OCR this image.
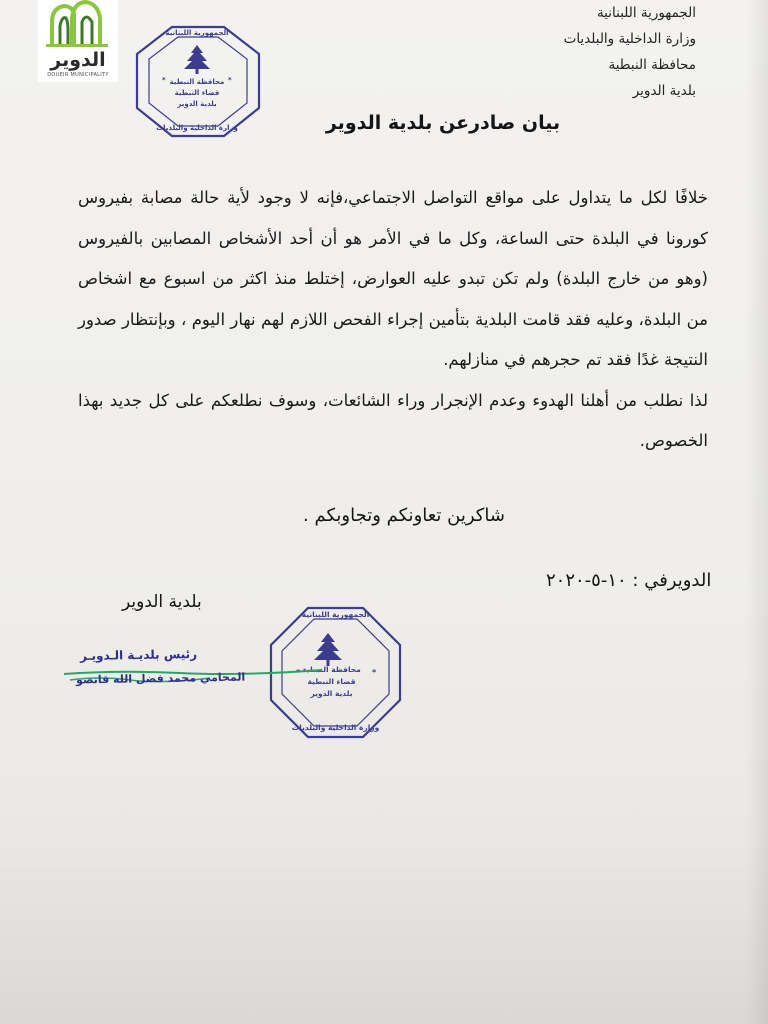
الدوير
DOUEIR MUNICIPALITY
*	*
محافظة النبطية
قضاء النبطية
بلدية الدوير
الجمهورية اللبنانية
وزارة الداخلية والبلديات
الجمهورية اللبنانية
وزارة الداخلية والبلديات
محافظة النبطية
بلدية الدوير
بيان صادرعن بلدية الدوير

خلافًا لكل ما يتداول على مواقع التواصل الاجتماعي،فإنه لا وجود لأية حالة مصابة بفيروس كورونا في البلدة حتى الساعة، وكل ما في الأمر هو أن أحد الأشخاص المصابين بالفيروس (وهو من خارج البلدة) ولم تكن تبدو عليه العوارض، إختلط منذ اكثر من اسبوع مع اشخاص من البلدة، وعليه فقد قامت البلدية بتأمين إجراء الفحص اللازم لهم نهار اليوم ، وبإنتظار صدور النتيجة غدًا فقد تم حجرهم في منازلهم.

لذا نطلب من أهلنا الهدوء وعدم الإنجرار وراء الشائعات، وسوف نطلعكم على كل جديد بهذا الخصوص.

شاكرين تعاونكم وتجاوبكم .
الدويرفي : ١٠-٥-٢٠٢٠
بلدية الدوير
*	*
محافظة النبطية
قضاء النبطية
بلدية الدوير
الجمهورية اللبنانية
وزارة الداخلية والبلديات
رئيس بلديـة الـدويـر
المحامي محمد فضل الله قانصو
